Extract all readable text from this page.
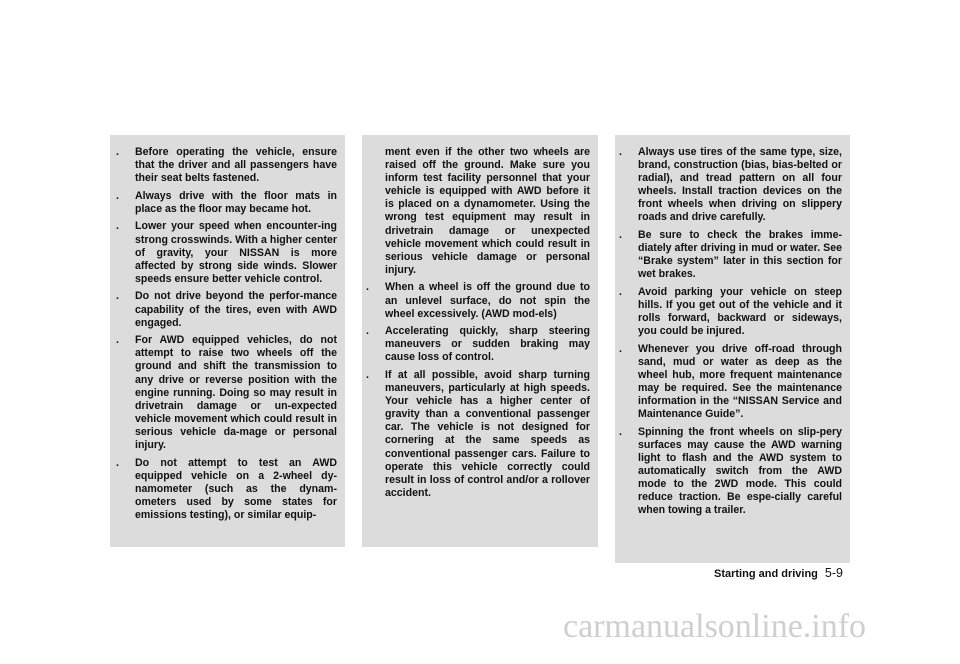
. Before operating the vehicle, ensure that the driver and all passengers have their seat belts fastened.
. Always drive with the floor mats in place as the floor may became hot.
. Lower your speed when encounter-ing strong crosswinds. With a higher center of gravity, your NISSAN is more affected by strong side winds. Slower speeds ensure better vehicle control.
. Do not drive beyond the perfor-mance capability of the tires, even with AWD engaged.
. For AWD equipped vehicles, do not attempt to raise two wheels off the ground and shift the transmission to any drive or reverse position with the engine running. Doing so may result in drivetrain damage or un-expected vehicle movement which could result in serious vehicle da-mage or personal injury.
. Do not attempt to test an AWD equipped vehicle on a 2-wheel dy-namometer (such as the dynam-ometers used by some states for emissions testing), or similar equip-
ment even if the other two wheels are raised off the ground. Make sure you inform test facility personnel that your vehicle is equipped with AWD before it is placed on a dynamometer. Using the wrong test equipment may result in drivetrain damage or unexpected vehicle movement which could result in serious vehicle damage or personal injury.
. When a wheel is off the ground due to an unlevel surface, do not spin the wheel excessively. (AWD mod-els)
. Accelerating quickly, sharp steering maneuvers or sudden braking may cause loss of control.
. If at all possible, avoid sharp turning maneuvers, particularly at high speeds. Your vehicle has a higher center of gravity than a conventional passenger car. The vehicle is not designed for cornering at the same speeds as conventional passenger cars. Failure to operate this vehicle correctly could result in loss of control and/or a rollover accident.
. Always use tires of the same type, size, brand, construction (bias, bias-belted or radial), and tread pattern on all four wheels. Install traction devices on the front wheels when driving on slippery roads and drive carefully.
. Be sure to check the brakes imme-diately after driving in mud or water. See “Brake system” later in this section for wet brakes.
. Avoid parking your vehicle on steep hills. If you get out of the vehicle and it rolls forward, backward or sideways, you could be injured.
. Whenever you drive off-road through sand, mud or water as deep as the wheel hub, more frequent maintenance may be required. See the maintenance information in the “NISSAN Service and Maintenance Guide”.
. Spinning the front wheels on slip-pery surfaces may cause the AWD warning light to flash and the AWD system to automatically switch from the AWD mode to the 2WD mode. This could reduce traction. Be espe-cially careful when towing a trailer.
Starting and driving 5-9
carmanualsonline.info
